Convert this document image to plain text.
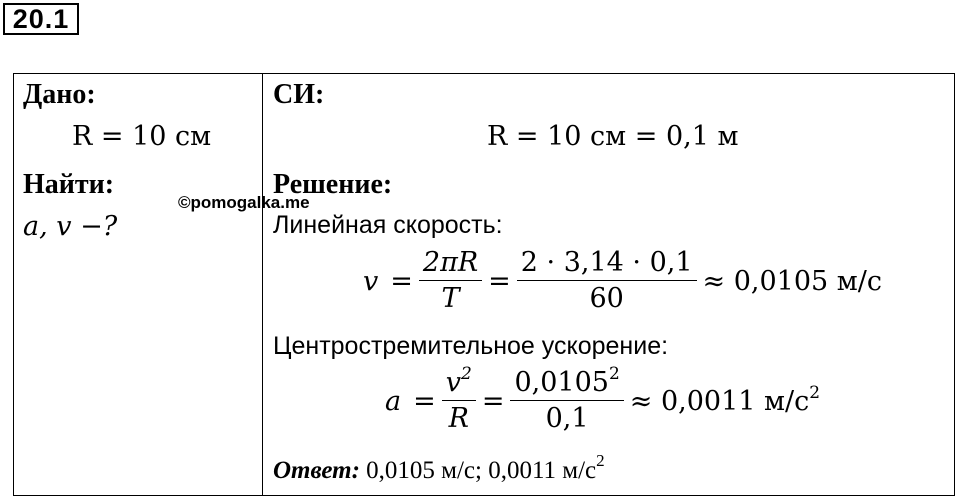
20.1
Дано:
R = 10 см
Найти:
a, v −?
©pomogalka.me
СИ:
R = 10 см = 0,1 м
Решение:
Линейная скорость:
$v = \frac{2\pi R}{T} = \frac{2 \cdot 3,14 \cdot 0,1}{60} \approx 0,0105$ м/с
Центростремительное ускорение:
$a = \frac{v^2}{R} = \frac{0,0105^2}{0,1} \approx 0,0011$ $м/с^2$
Ответ: 0,0105 м/с; 0,0011 $м/с^2$
